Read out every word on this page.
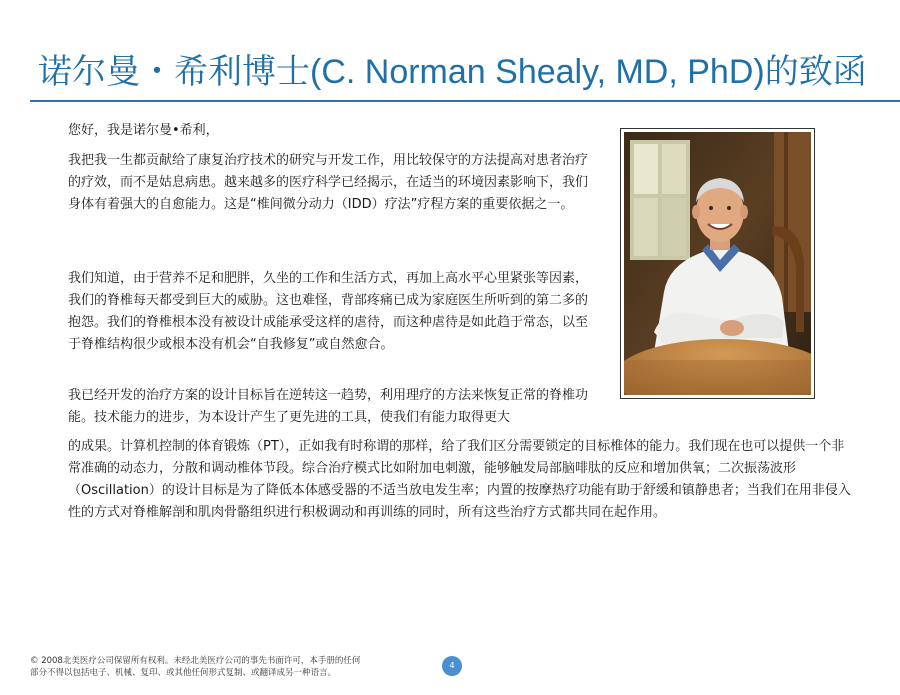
诺尔曼・希利博士(C. Norman Shealy, MD, PhD)的致函

您好，我是诺尔曼•希利，

我把我一生都贡献给了康复治疗技术的研究与开发工作，用比较保守的方法提高对患者治疗的疗效，而不是姑息病患。越来越多的医疗科学已经揭示，在适当的环境因素影响下，我们身体有着强大的自愈能力。这是“椎间微分动力（IDD）疗法”疗程方案的重要依据之一。

我们知道，由于营养不足和肥胖，久坐的工作和生活方式，再加上高水平心里紧张等因素，我们的脊椎每天都受到巨大的威胁。这也难怪，背部疼痛已成为家庭医生所听到的第二多的抱怨。我们的脊椎根本没有被设计成能承受这样的虐待，而这种虐待是如此趋于常态，以至于脊椎结构很少或根本没有机会“自我修复”或自然愈合。

我已经开发的治疗方案的设计目标旨在逆转这一趋势，利用理疗的方法来恢复正常的脊椎功能。技术能力的进步，为本设计产生了更先进的工具，使我们有能力取得更大

的成果。计算机控制的体育锻炼（PT），正如我有时称谓的那样，给了我们区分需要锁定的目标椎体的能力。我们现在也可以提供一个非常准确的动态力，分散和调动椎体节段。综合治疗模式比如附加电刺激，能够触发局部脑啡肽的反应和增加供氧；二次振荡波形（Oscillation）的设计目标是为了降低本体感受器的不适当放电发生率；内置的按摩热疗功能有助于舒缓和镇静患者；当我们在用非侵入性的方式对脊椎解剖和肌肉骨骼组织进行积极调动和再训练的同时，所有这些治疗方式都共同在起作用。

© 2008北美医疗公司保留所有权利。未经北美医疗公司的事先书面许可，本手册的任何
部分不得以包括电子、机械、复印、或其他任何形式复制、或翻译成另一种语言。
4
